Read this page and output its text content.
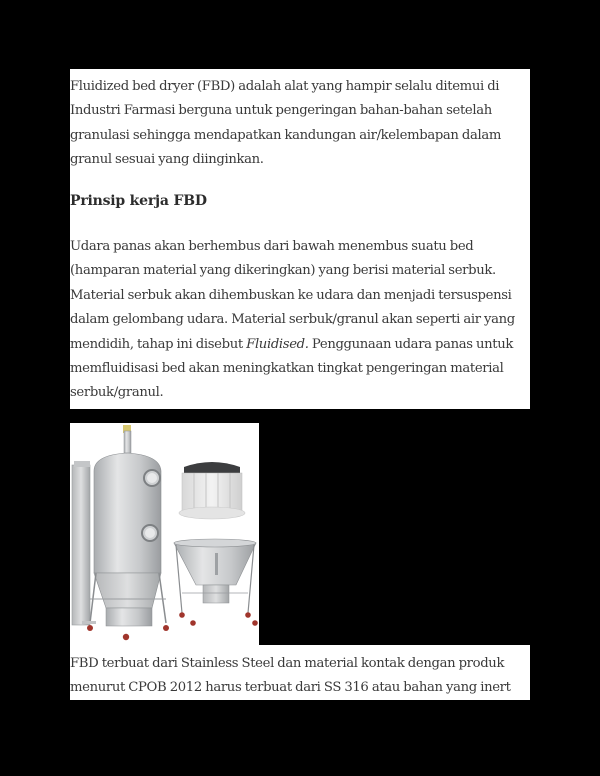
Fluidized bed dryer (FBD) adalah alat yang hampir selalu ditemui di
Industri Farmasi berguna untuk pengeringan bahan-bahan setelah
granulasi sehingga mendapatkan kandungan air/kelembapan dalam
granul sesuai yang diinginkan.

Prinsip kerja FBD

Udara panas akan berhembus dari bawah menembus suatu bed
(hamparan material yang dikeringkan) yang berisi material serbuk.
Material serbuk akan dihembuskan ke udara dan menjadi tersuspensi
dalam gelombang udara. Material serbuk/granul akan seperti air yang
mendidih, tahap ini disebut Fluidised. Penggunaan udara panas untuk
memfluidisasi bed akan meningkatkan tingkat pengeringan material
serbuk/granul.

FBD terbuat dari Stainless Steel dan material kontak dengan produk
menurut CPOB 2012 harus terbuat dari SS 316 atau bahan yang inert
